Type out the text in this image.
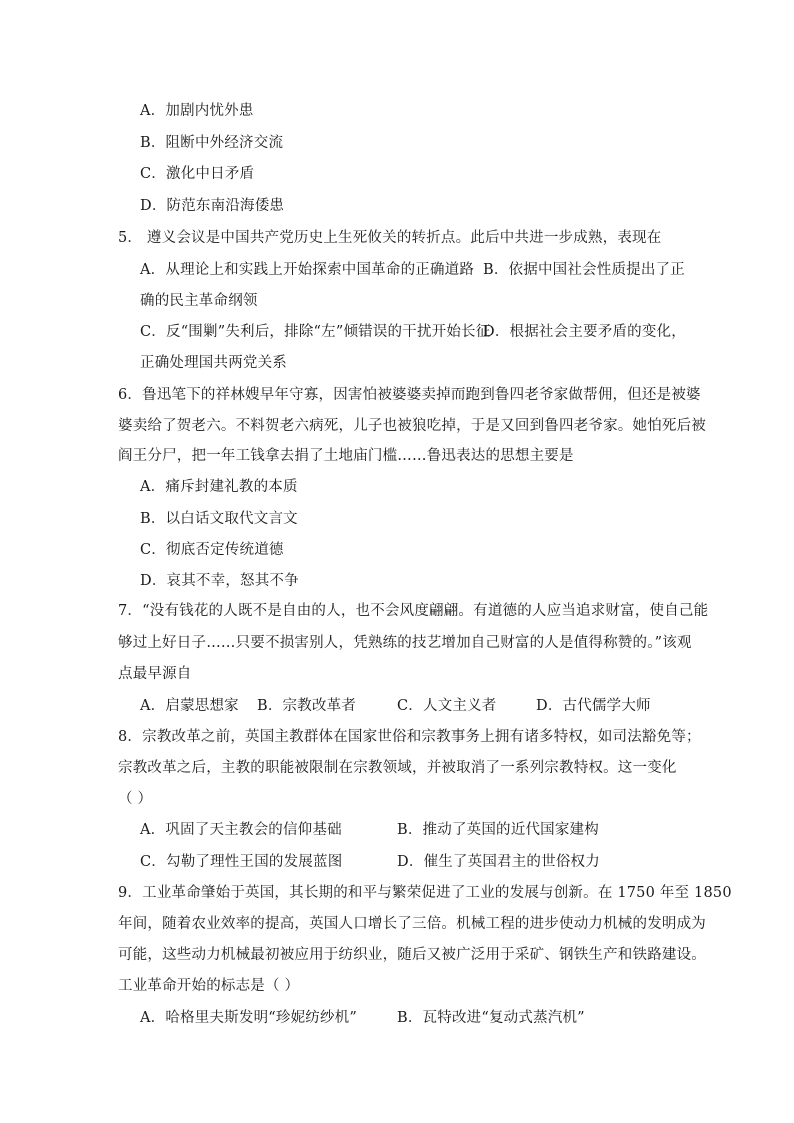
A．加剧内忧外患
B．阻断中外经济交流
C．激化中日矛盾
D．防范东南沿海倭患
5． 遵义会议是中国共产党历史上生死攸关的转折点。此后中共进一步成熟，表现在
A．从理论上和实践上开始探索中国革命的正确道路 B．依据中国社会性质提出了正
确的民主革命纲领
C．反“围剿”失利后，排除“左”倾错误的干扰开始长征
D．根据社会主要矛盾的变化，
正确处理国共两党关系
6．鲁迅笔下的祥林嫂早年守寡，因害怕被婆婆卖掉而跑到鲁四老爷家做帮佣，但还是被婆
婆卖给了贺老六。不料贺老六病死，儿子也被狼吃掉，于是又回到鲁四老爷家。她怕死后被
阎王分尸，把一年工钱拿去捐了土地庙门槛……鲁迅表达的思想主要是
A．痛斥封建礼教的本质
B．以白话文取代文言文
C．彻底否定传统道德
D．哀其不幸，怒其不争
7．“没有钱花的人既不是自由的人，也不会风度翩翩。有道德的人应当追求财富，使自己能
够过上好日子……只要不损害别人，凭熟练的技艺增加自己财富的人是值得称赞的。”该观
点最早源自
A．启蒙思想家 B．宗教改革者	C．人文主义者	D．古代儒学大师
8．宗教改革之前，英国主教群体在国家世俗和宗教事务上拥有诸多特权，如司法豁免等；
宗教改革之后，主教的职能被限制在宗教领域，并被取消了一系列宗教特权。这一变化
（ ）
A．巩固了天主教会的信仰基础	B．推动了英国的近代国家建构
C．勾勒了理性王国的发展蓝图	D．催生了英国君主的世俗权力
9．工业革命肇始于英国，其长期的和平与繁荣促进了工业的发展与创新。在 1750 年至 1850
年间，随着农业效率的提高，英国人口增长了三倍。机械工程的进步使动力机械的发明成为
可能，这些动力机械最初被应用于纺织业，随后又被广泛用于采矿、钢铁生产和铁路建设。
工业革命开始的标志是（ ）
A．哈格里夫斯发明“珍妮纺纱机”	B．瓦特改进“复动式蒸汽机”
